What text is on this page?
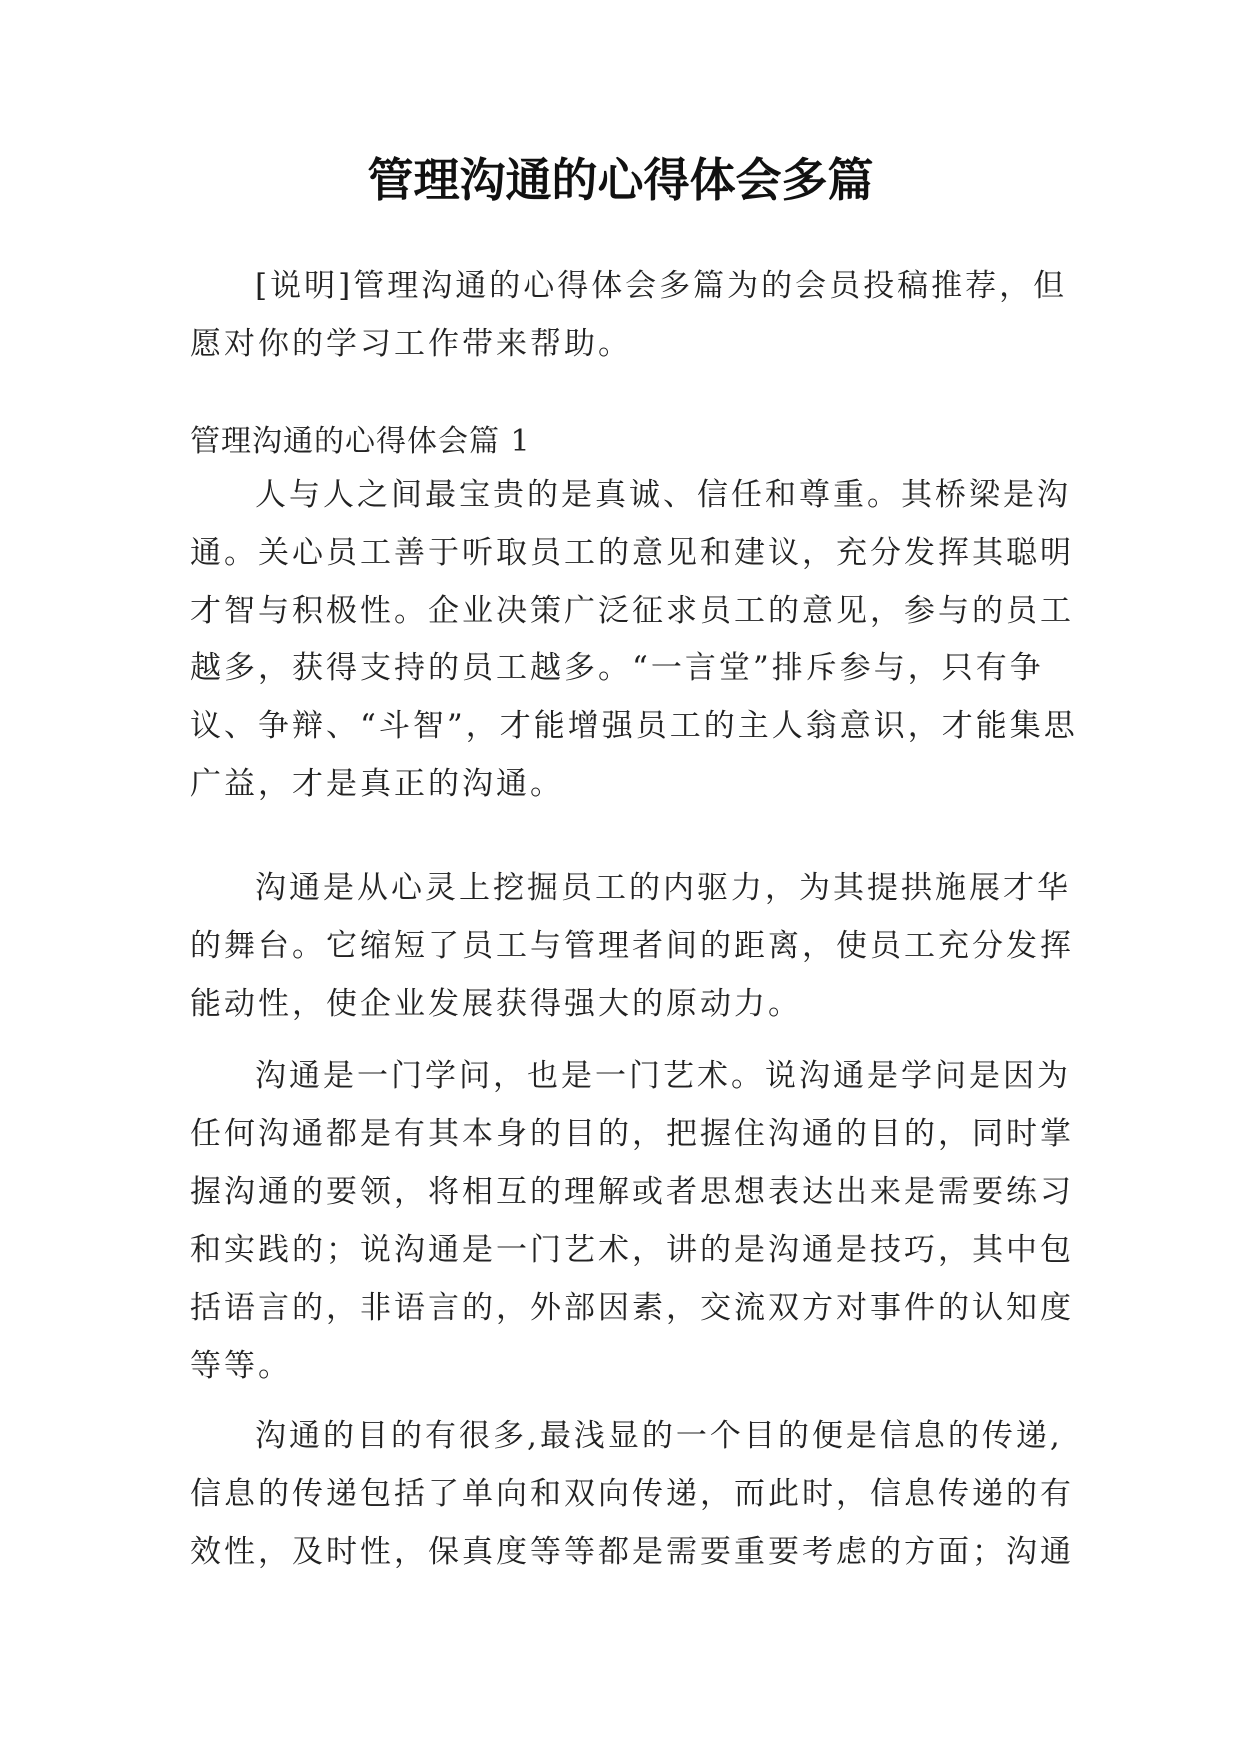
管理沟通的心得体会多篇
[说明]管理沟通的心得体会多篇为的会员投稿推荐，但
愿对你的学习工作带来帮助。
管理沟通的心得体会篇 1
人与人之间最宝贵的是真诚、信任和尊重。其桥梁是沟
通。关心员工善于听取员工的意见和建议，充分发挥其聪明
才智与积极性。企业决策广泛征求员工的意见，参与的员工
越多，获得支持的员工越多。“一言堂”排斥参与，只有争
议、争辩、“斗智”，才能增强员工的主人翁意识，才能集思
广益，才是真正的沟通。
沟通是从心灵上挖掘员工的内驱力，为其提拱施展才华
的舞台。它缩短了员工与管理者间的距离，使员工充分发挥
能动性，使企业发展获得强大的原动力。
沟通是一门学问，也是一门艺术。说沟通是学问是因为
任何沟通都是有其本身的目的，把握住沟通的目的，同时掌
握沟通的要领，将相互的理解或者思想表达出来是需要练习
和实践的；说沟通是一门艺术，讲的是沟通是技巧，其中包
括语言的，非语言的，外部因素，交流双方对事件的认知度
等等。
沟通的目的有很多,最浅显的一个目的便是信息的传递,
信息的传递包括了单向和双向传递，而此时，信息传递的有
效性，及时性，保真度等等都是需要重要考虑的方面；沟通
